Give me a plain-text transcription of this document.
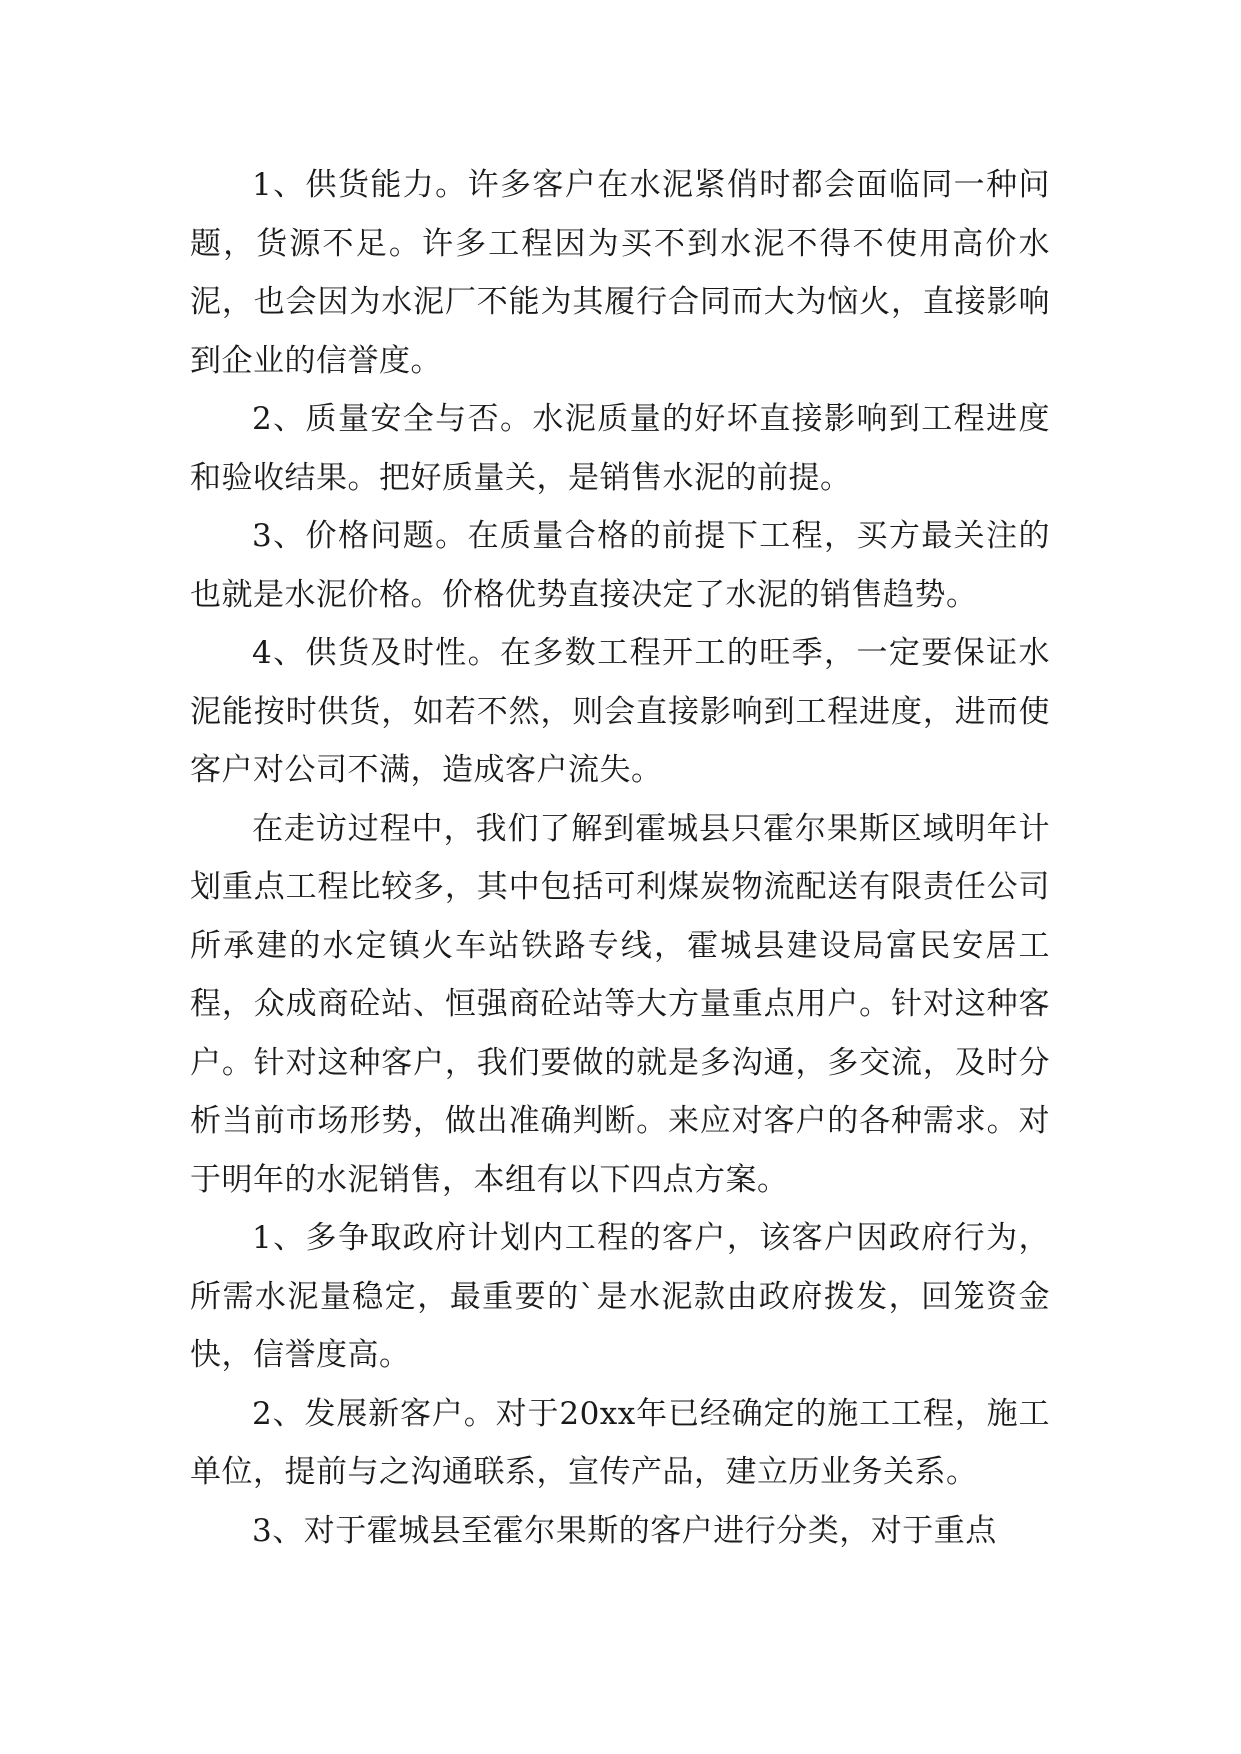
1、供货能力。许多客户在水泥紧俏时都会面临同一种问题，货源不足。许多工程因为买不到水泥不得不使用高价水泥，也会因为水泥厂不能为其履行合同而大为恼火，直接影响到企业的信誉度。

2、质量安全与否。水泥质量的好坏直接影响到工程进度和验收结果。把好质量关，是销售水泥的前提。

3、价格问题。在质量合格的前提下工程，买方最关注的也就是水泥价格。价格优势直接决定了水泥的销售趋势。

4、供货及时性。在多数工程开工的旺季，一定要保证水泥能按时供货，如若不然，则会直接影响到工程进度，进而使客户对公司不满，造成客户流失。

在走访过程中，我们了解到霍城县只霍尔果斯区域明年计划重点工程比较多，其中包括可利煤炭物流配送有限责任公司所承建的水定镇火车站铁路专线，霍城县建设局富民安居工程，众成商砼站、恒强商砼站等大方量重点用户。针对这种客户。针对这种客户，我们要做的就是多沟通，多交流，及时分析当前市场形势，做出准确判断。来应对客户的各种需求。对于明年的水泥销售，本组有以下四点方案。

1、多争取政府计划内工程的客户，该客户因政府行为，所需水泥量稳定，最重要的`是水泥款由政府拨发，回笼资金快，信誉度高。

2、发展新客户。对于20xx年已经确定的施工工程，施工单位，提前与之沟通联系，宣传产品，建立历业务关系。

3、对于霍城县至霍尔果斯的客户进行分类，对于重点
